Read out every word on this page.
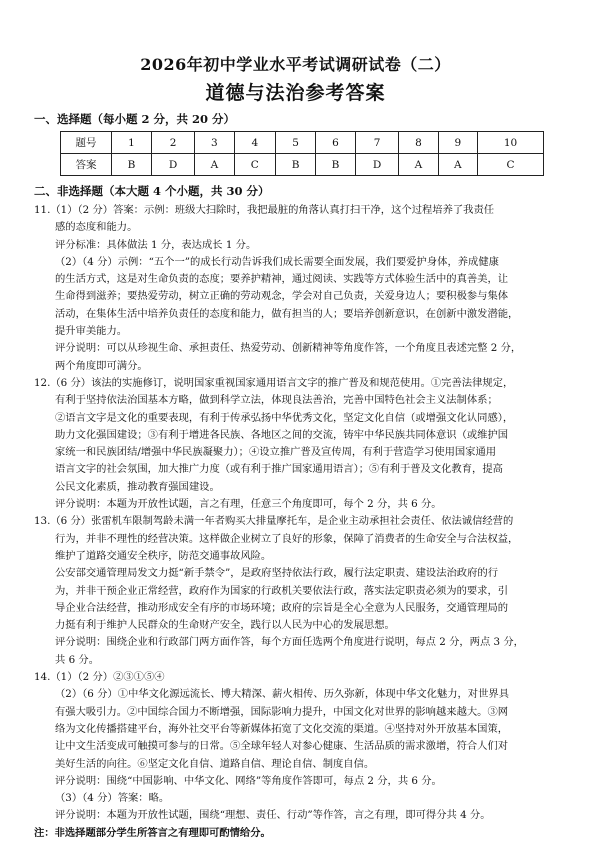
2026年初中学业水平考试调研试卷（二）
道德与法治参考答案
一、选择题（每小题 2 分，共 20 分）
题号	1	2	3	4	5	6	7	8	9	10
答案	B	D	A	C	B	B	D	A	A	C
二、非选择题（本大题 4 个小题，共 30 分）

11.（1）（2 分）答案：示例：班级大扫除时，我把最脏的角落认真打扫干净，这个过程培养了我责任

感的态度和能力。

评分标准：具体做法 1 分，表达成长 1 分。

（2）（4 分）示例：“五个一”的成长行动告诉我们成长需要全面发展，我们要爱护身体，养成健康

的生活方式，这是对生命负责的态度；要养护精神，通过阅读、实践等方式体验生活中的真善美，让

生命得到滋养；要热爱劳动，树立正确的劳动观念，学会对自己负责，关爱身边人；要积极参与集体

活动，在集体生活中培养负责任的态度和能力，做有担当的人；要培养创新意识，在创新中激发潜能，

提升审美能力。

评分说明：可以从珍视生命、承担责任、热爱劳动、创新精神等角度作答，一个角度且表述完整 2 分，

两个角度即可满分。

12.（6 分）该法的实施修订，说明国家重视国家通用语言文字的推广普及和规范使用。①完善法律规定，

有利于坚持依法治国基本方略，做到科学立法，体现良法善治，完善中国特色社会主义法制体系；

②语言文字是文化的重要表现，有利于传承弘扬中华优秀文化，坚定文化自信（或增强文化认同感），

助力文化强国建设；③有利于增进各民族、各地区之间的交流，铸牢中华民族共同体意识（或维护国

家统一和民族团结/增强中华民族凝聚力）；④设立推广普及宣传周，有利于营造学习使用国家通用

语言文字的社会氛围，加大推广力度（或有利于推广国家通用语言）；⑤有利于普及文化教育，提高

公民文化素质，推动教育强国建设。

评分说明：本题为开放性试题，言之有理，任意三个角度即可，每个 2 分，共 6 分。

13.（6 分）张雷机车限制驾龄未满一年者购买大排量摩托车，是企业主动承担社会责任、依法诚信经营的

行为，并非不理性的经营决策。这样做企业树立了良好的形象，保障了消费者的生命安全与合法权益，

维护了道路交通安全秩序，防范交通事故风险。

公安部交通管理局发文力挺“新手禁令”，是政府坚持依法行政，履行法定职责、建设法治政府的行

为，并非干预企业正常经营，政府作为国家的行政机关要依法行政，落实法定职责必须为的要求，引

导企业合法经营，推动形成安全有序的市场环境；政府的宗旨是全心全意为人民服务，交通管理局的

力挺有利于维护人民群众的生命财产安全，践行以人民为中心的发展思想。

评分说明：围绕企业和行政部门两方面作答，每个方面任选两个角度进行说明，每点 2 分，两点 3 分，

共 6 分。

14.（1）（2 分）②③①⑤④

（2）（6 分）①中华文化源远流长、博大精深、薪火相传、历久弥新，体现中华文化魅力，对世界具

有强大吸引力。②中国综合国力不断增强，国际影响力提升，中国文化对世界的影响越来越大。③网

络为文化传播搭建平台，海外社交平台等新媒体拓宽了文化交流的渠道。④坚持对外开放基本国策，

让中文生活变成可触摸可参与的日常。⑤全球年轻人对参心健康、生活品质的需求激增，符合人们对

美好生活的向往。⑥坚定文化自信、道路自信、理论自信、制度自信。

评分说明：围绕“中国影响、中华文化、网络”等角度作答即可，每点 2 分，共 6 分。

（3）（4 分）答案：略。

评分说明：本题为开放性试题，围绕“理想、责任、行动”等作答，言之有理，即可得分共 4 分。

注：非选择题部分学生所答言之有理即可酌情给分。
